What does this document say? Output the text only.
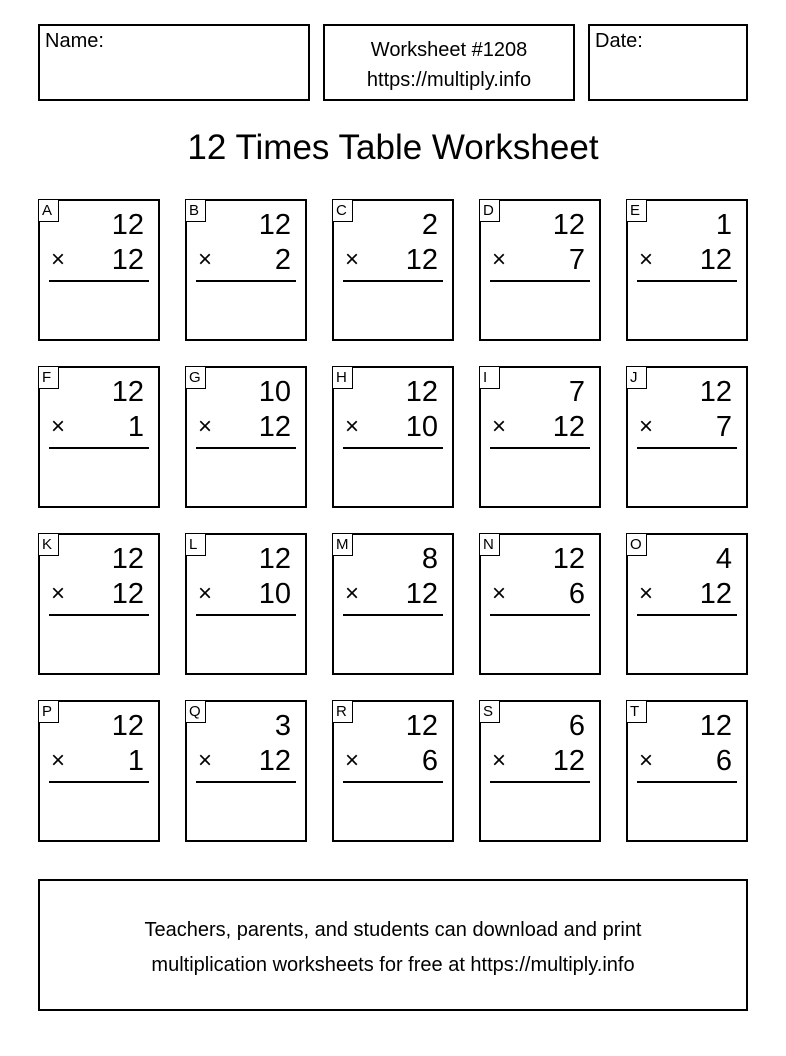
Name:	Worksheet #1208
https://multiply.info
Date:
12 Times Table Worksheet
A 12
× 12
B 12
× 2
C	2
× 12
D 12
× 7
E	1
× 12
F 12
× 1
G 10
× 12
H 12
× 10
I	7
× 12
J	12
× 7
K 12
× 12
L 12
× 10
M	8
× 12
N 12
× 6
O	4
× 12
P 12
× 1
Q	3
× 12
R 12
× 6
S	6
× 12
T 12
× 6
Teachers, parents, and students can download and print
multiplication worksheets for free at https://multiply.info
